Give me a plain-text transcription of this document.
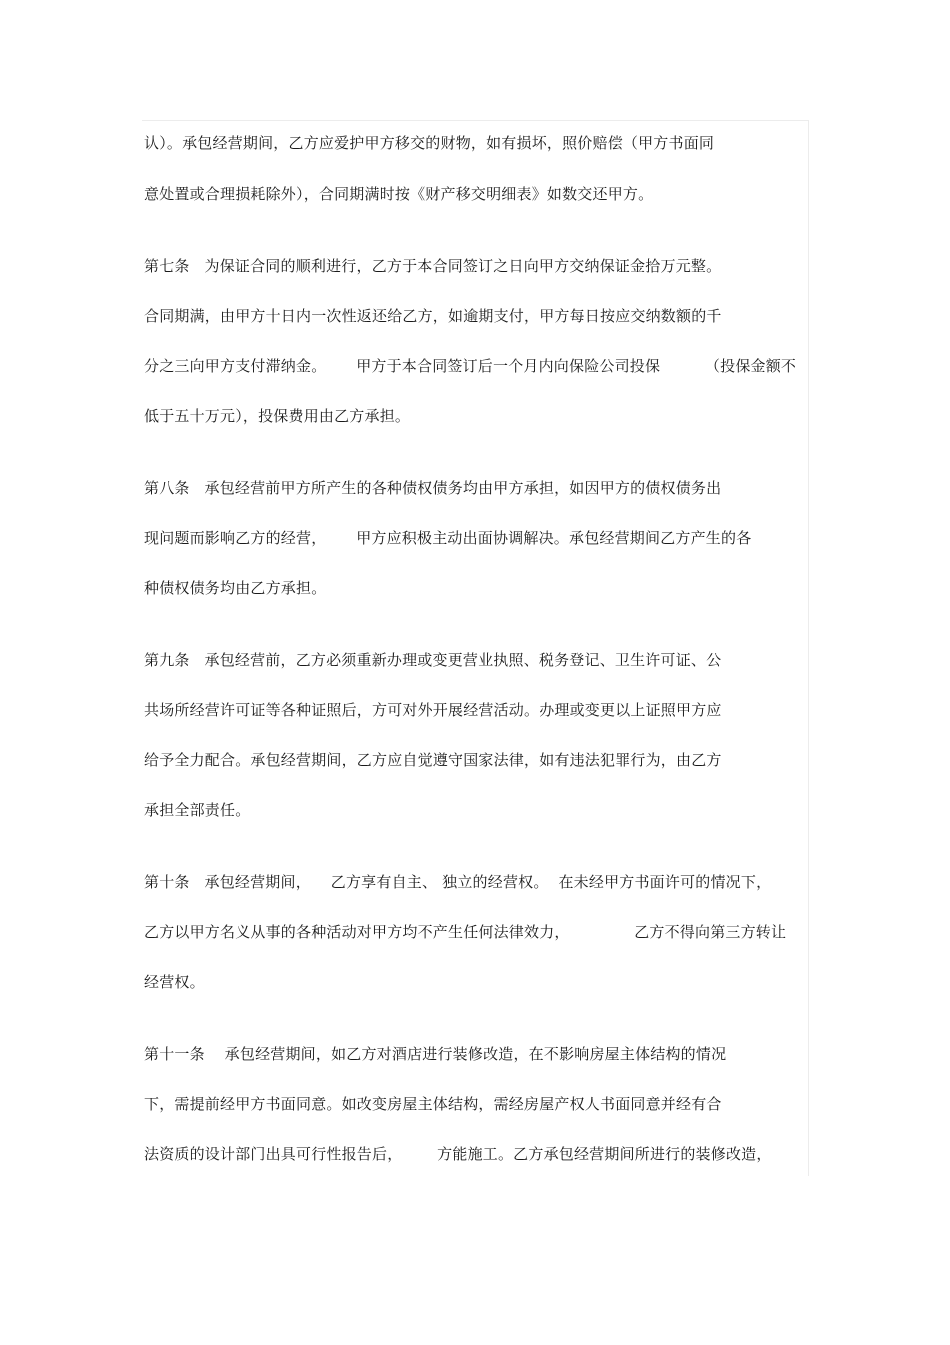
认）。承包经营期间，乙方应爱护甲方移交的财物，如有损坏，照价赔偿（甲方书面同
意处置或合理损耗除外），合同期满时按《财产移交明细表》如数交还甲方。
第七条   为保证合同的顺利进行，乙方于本合同签订之日向甲方交纳保证金拾万元整。
合同期满，由甲方十日内一次性返还给乙方，如逾期支付，甲方每日按应交纳数额的千
分之三向甲方支付滞纳金。      甲方于本合同签订后一个月内向保险公司投保         （投保金额不
低于五十万元），投保费用由乙方承担。
第八条   承包经营前甲方所产生的各种债权债务均由甲方承担，如因甲方的债权债务出
现问题而影响乙方的经营，      甲方应积极主动出面协调解决。承包经营期间乙方产生的各
种债权债务均由乙方承担。
第九条   承包经营前，乙方必须重新办理或变更营业执照、税务登记、卫生许可证、公
共场所经营许可证等各种证照后，方可对外开展经营活动。办理或变更以上证照甲方应
给予全力配合。承包经营期间，乙方应自觉遵守国家法律，如有违法犯罪行为，由乙方
承担全部责任。
第十条   承包经营期间，    乙方享有自主、 独立的经营权。  在未经甲方书面许可的情况下，
乙方以甲方名义从事的各种活动对甲方均不产生任何法律效力，             乙方不得向第三方转让
经营权。
第十一条    承包经营期间，如乙方对酒店进行装修改造，在不影响房屋主体结构的情况
下，需提前经甲方书面同意。如改变房屋主体结构，需经房屋产权人书面同意并经有合
法资质的设计部门出具可行性报告后，       方能施工。乙方承包经营期间所进行的装修改造，
